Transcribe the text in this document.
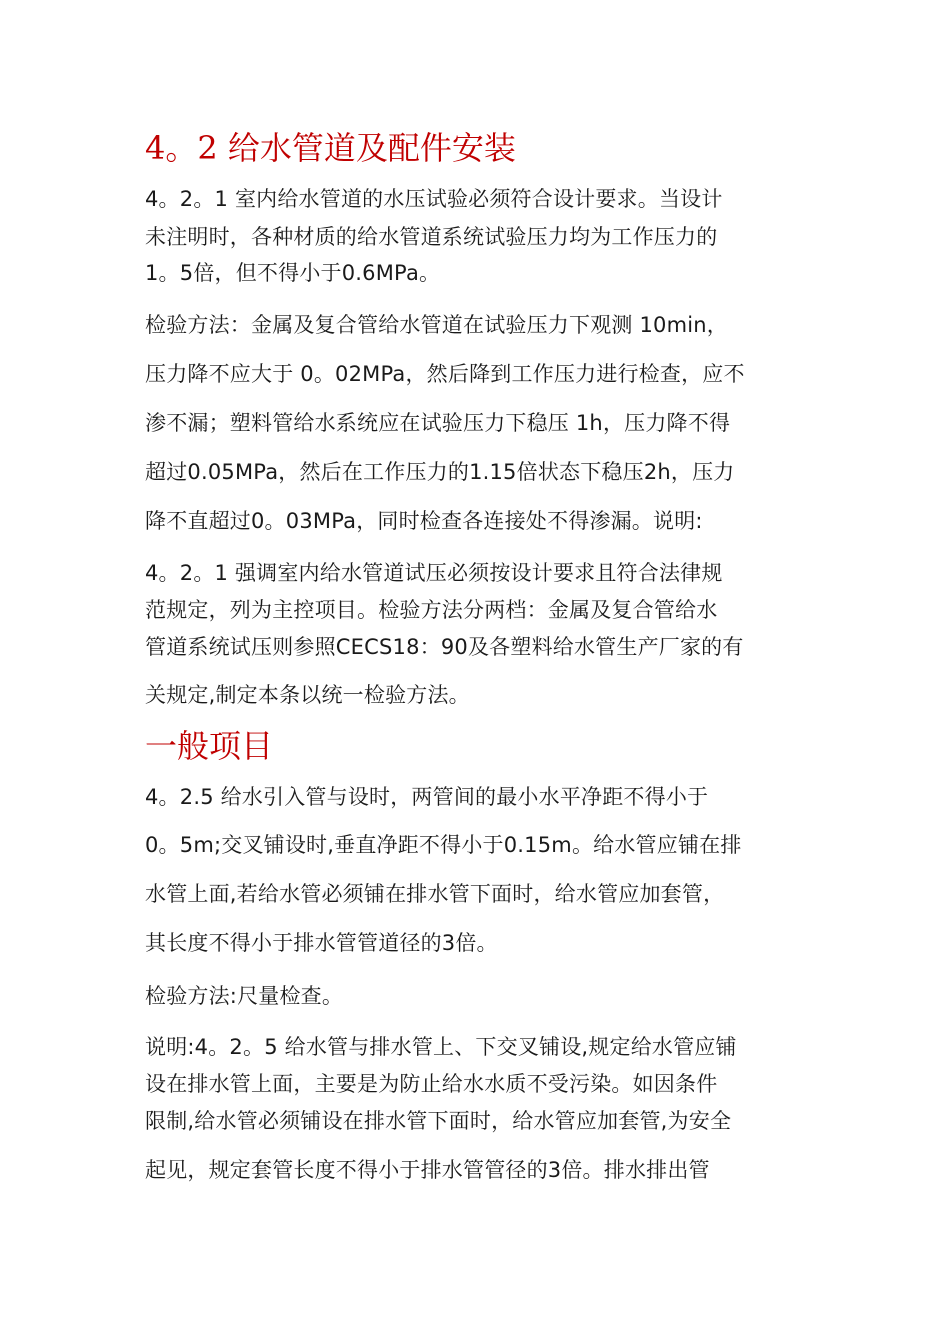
4。2 给水管道及配件安装
4。2。1 室内给水管道的水压试验必须符合设计要求。当设计
未注明时，各种材质的给水管道系统试验压力均为工作压力的
1。5倍，但不得小于0.6MPa。
检验方法：金属及复合管给水管道在试验压力下观测 10min，
压力降不应大于 0。02MPa，然后降到工作压力进行检查，应不
渗不漏；塑料管给水系统应在试验压力下稳压 1h，压力降不得
超过0.05MPa，然后在工作压力的1.15倍状态下稳压2h，压力
降不直超过0。03MPa，同时检查各连接处不得渗漏。说明:
4。2。1 强调室内给水管道试压必须按设计要求且符合法律规
范规定，列为主控项目。检验方法分两档：金属及复合管给水
管道系统试压则参照CECS18：90及各塑料给水管生产厂家的有
关规定,制定本条以统一检验方法。
一般项目
4。2.5 给水引入管与设时，两管间的最小水平净距不得小于
0。5m;交叉铺设时,垂直净距不得小于0.15m。给水管应铺在排
水管上面,若给水管必须铺在排水管下面时，给水管应加套管，
其长度不得小于排水管管道径的3倍。
检验方法:尺量检查。
说明:4。2。5 给水管与排水管上、下交叉铺设,规定给水管应铺
设在排水管上面，主要是为防止给水水质不受污染。如因条件
限制,给水管必须铺设在排水管下面时，给水管应加套管,为安全
起见，规定套管长度不得小于排水管管径的3倍。排水排出管
